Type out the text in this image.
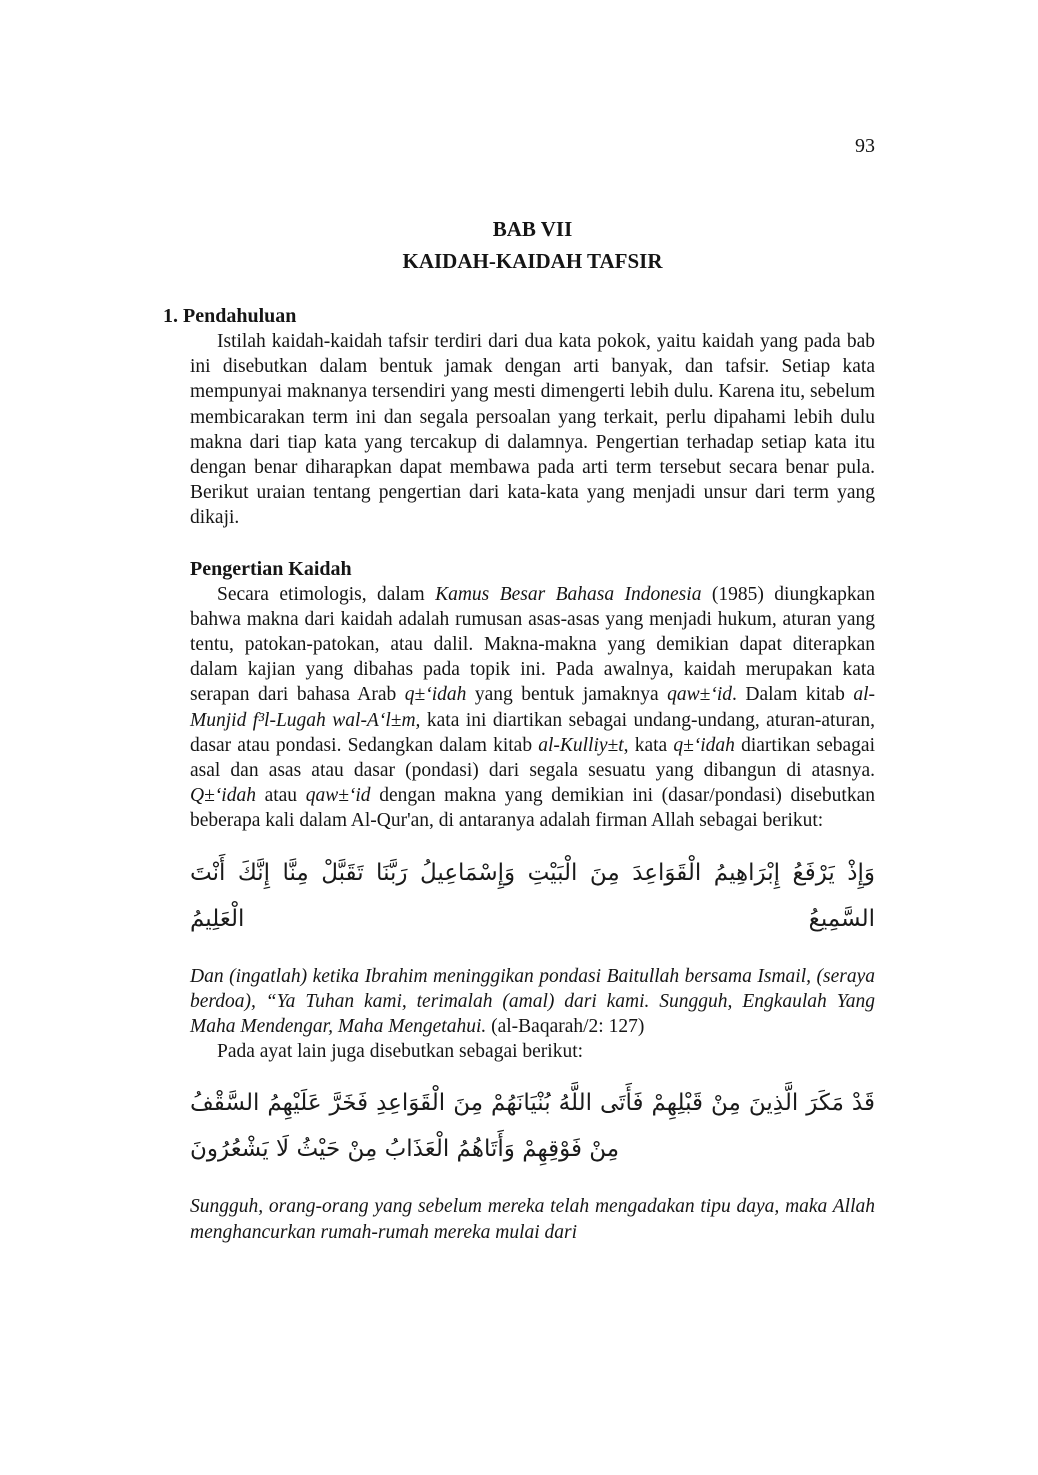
93
BAB VII
KAIDAH-KAIDAH TAFSIR
1. Pendahuluan

Istilah kaidah-kaidah tafsir terdiri dari dua kata pokok, yaitu kaidah yang pada bab ini disebutkan dalam bentuk jamak dengan arti banyak, dan tafsir. Setiap kata mempunyai maknanya tersendiri yang mesti dimengerti lebih dulu. Karena itu, sebelum membicarakan term ini dan segala persoalan yang terkait, perlu dipahami lebih dulu makna dari tiap kata yang tercakup di dalamnya. Pengertian terhadap setiap kata itu dengan benar diharapkan dapat membawa pada arti term tersebut secara benar pula. Berikut uraian tentang pengertian dari kata-kata yang menjadi unsur dari term yang dikaji.

Pengertian Kaidah

Secara etimologis, dalam Kamus Besar Bahasa Indonesia (1985) diungkapkan bahwa makna dari kaidah adalah rumusan asas-asas yang menjadi hukum, aturan yang tentu, patokan-patokan, atau dalil. Makna-makna yang demikian dapat diterapkan dalam kajian yang dibahas pada topik ini. Pada awalnya, kaidah merupakan kata serapan dari bahasa Arab q±‘idah yang bentuk jamaknya qaw±‘id. Dalam kitab al-Munjid f³l-Lugah wal-A‘l±m, kata ini diartikan sebagai undang-undang, aturan-aturan, dasar atau pondasi. Sedangkan dalam kitab al-Kulliy±t, kata q±‘idah diartikan sebagai asal dan asas atau dasar (pondasi) dari segala sesuatu yang dibangun di atasnya. Q±‘idah atau qaw±‘id dengan makna yang demikian ini (dasar/pondasi) disebutkan beberapa kali dalam Al-Qur'an, di antaranya adalah firman Allah sebagai berikut:

وَإِذْ يَرْفَعُ إِبْرَاهِيمُ الْقَوَاعِدَ مِنَ الْبَيْتِ وَإِسْمَاعِيلُ رَبَّنَا تَقَبَّلْ مِنَّا إِنَّكَ أَنْتَ السَّمِيعُ الْعَلِيمُ

Dan (ingatlah) ketika Ibrahim meninggikan pondasi Baitullah bersama Ismail, (seraya berdoa), “Ya Tuhan kami, terimalah (amal) dari kami. Sungguh, Engkaulah Yang Maha Mendengar, Maha Mengetahui. (al-Baqarah/2: 127)

Pada ayat lain juga disebutkan sebagai berikut:

قَدْ مَكَرَ الَّذِينَ مِنْ قَبْلِهِمْ فَأَتَى اللَّهُ بُنْيَانَهُمْ مِنَ الْقَوَاعِدِ فَخَرَّ عَلَيْهِمُ السَّقْفُ
مِنْ فَوْقِهِمْ وَأَتَاهُمُ الْعَذَابُ مِنْ حَيْثُ لَا يَشْعُرُونَ

Sungguh, orang-orang yang sebelum mereka telah mengadakan tipu daya, maka Allah menghancurkan rumah-rumah mereka mulai dari
